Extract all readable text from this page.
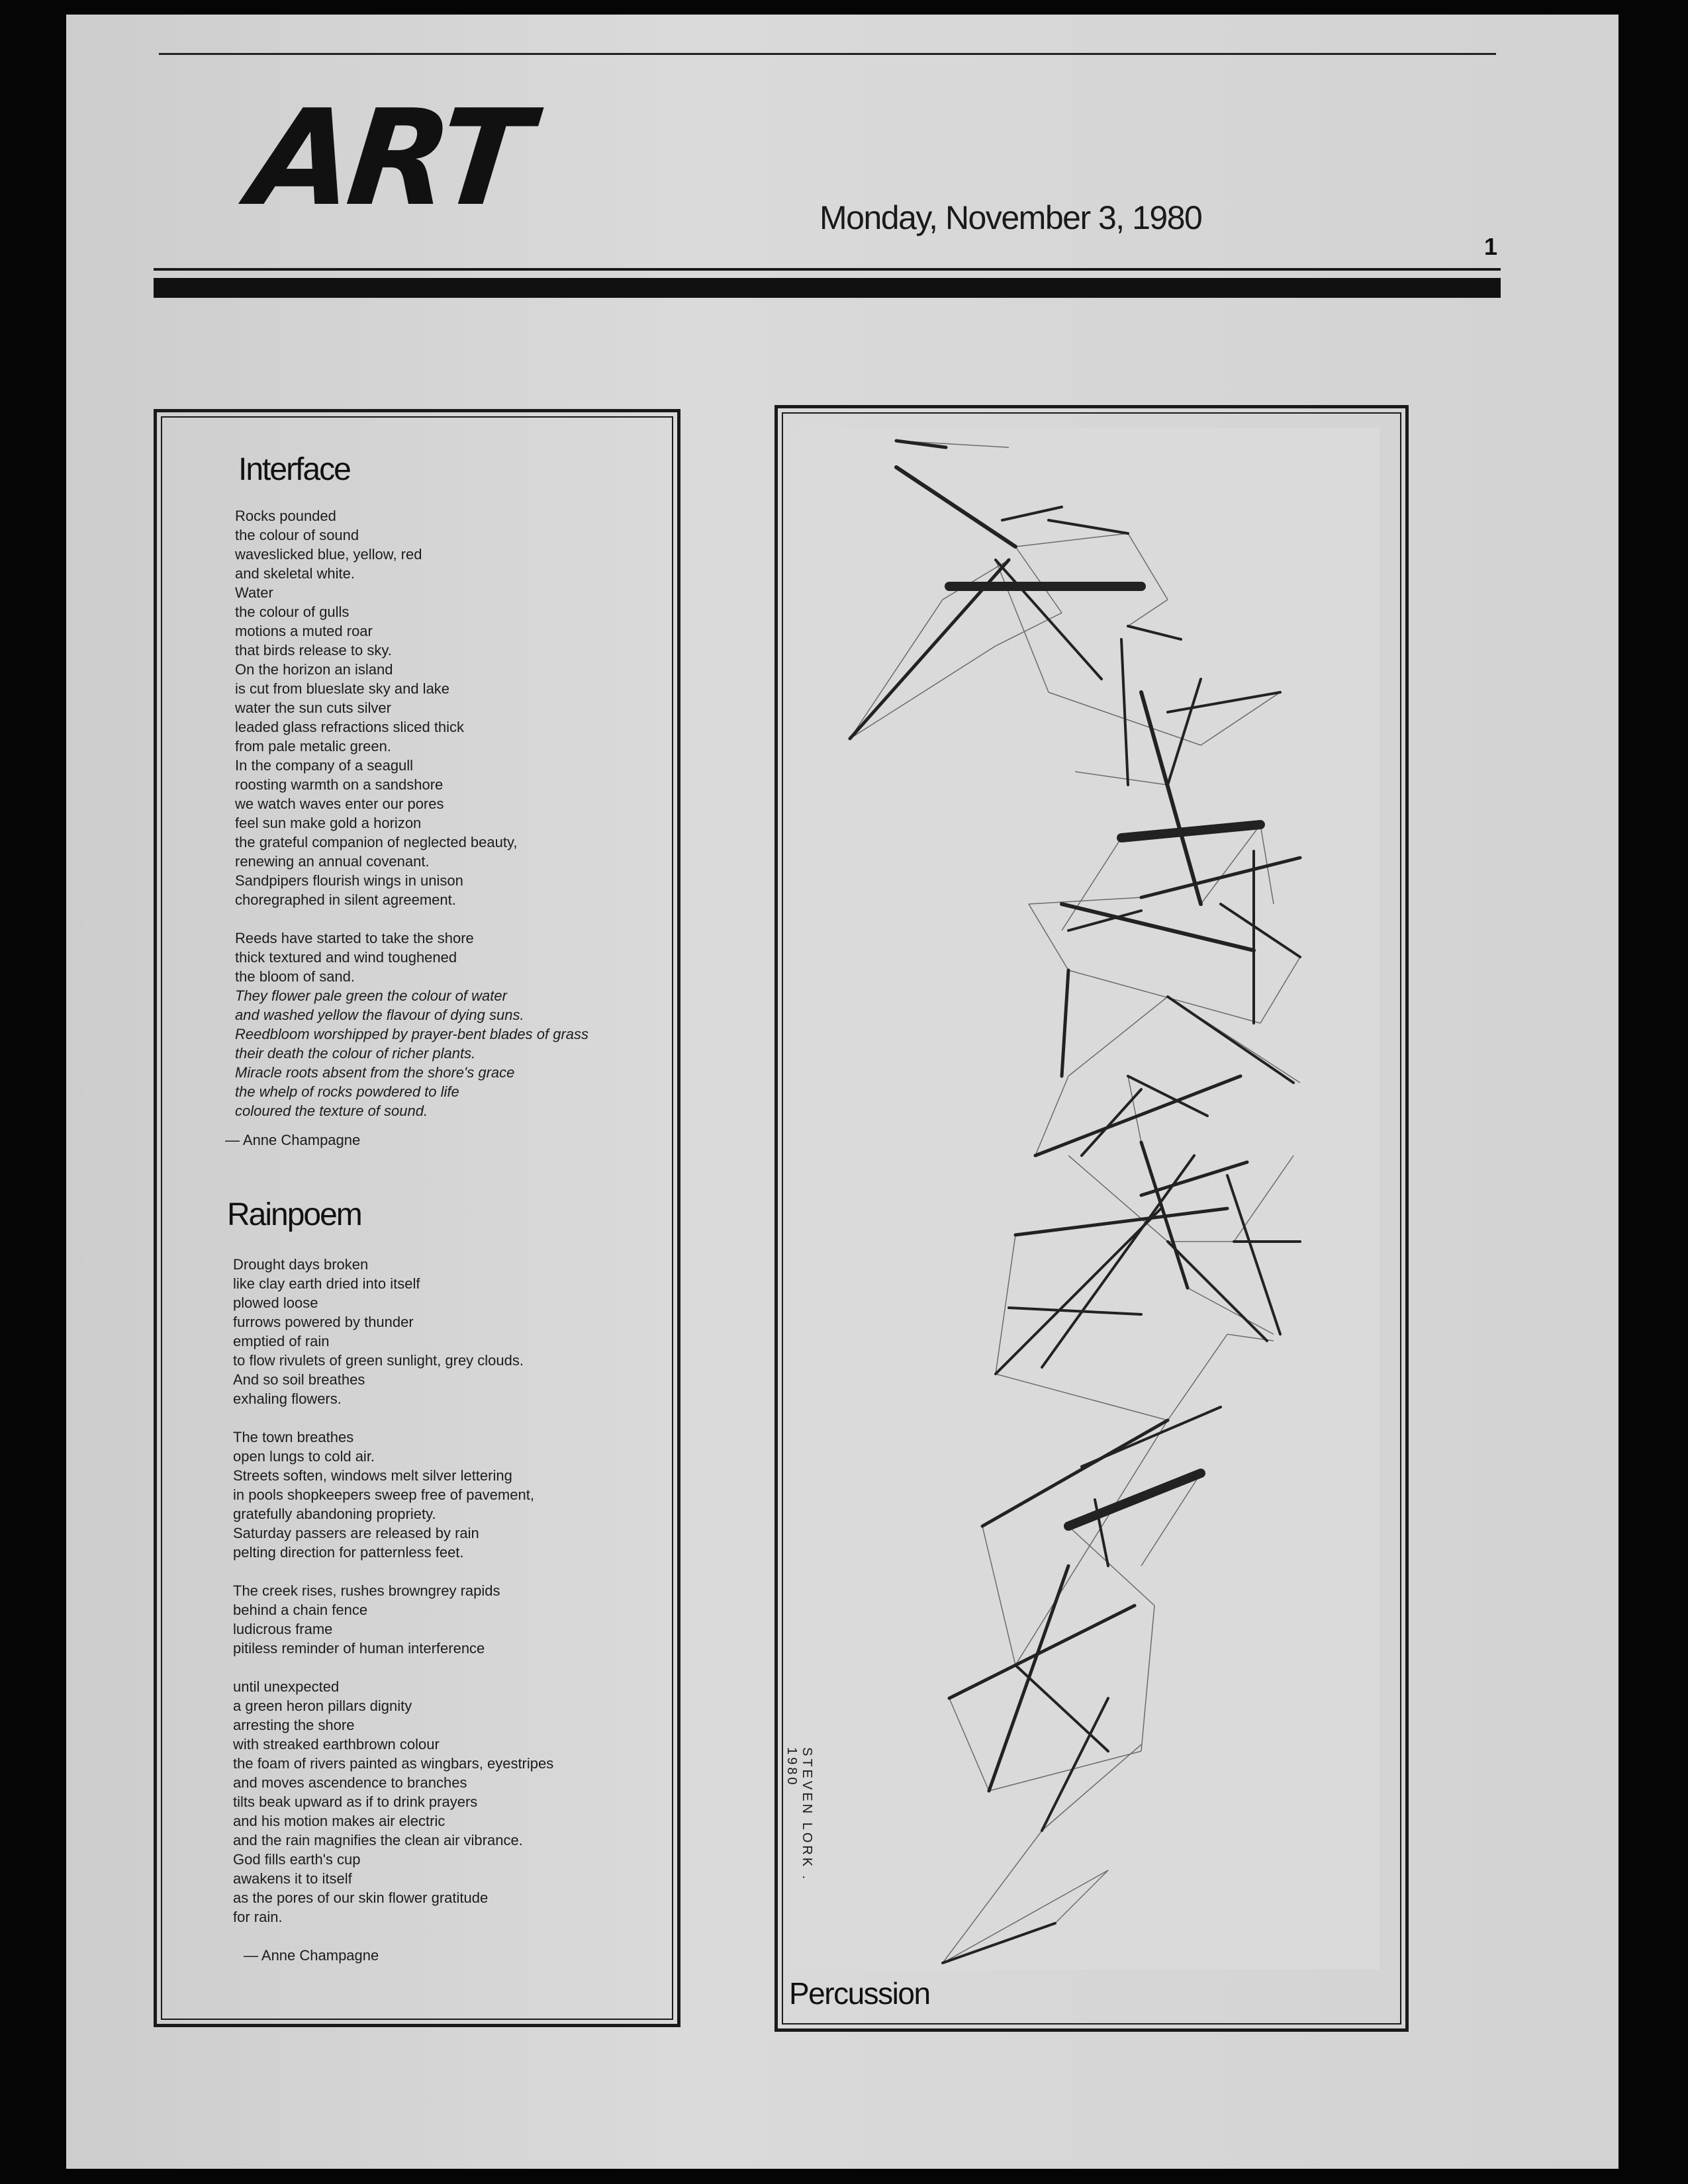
ART	Monday, November 3, 1980
1
Interface
Rocks pounded
the colour of sound
waveslicked blue, yellow, red
and skeletal white.
Water
the colour of gulls
motions a muted roar
that birds release to sky.
On the horizon an island
is cut from blueslate sky and lake
water the sun cuts silver
leaded glass refractions sliced thick
from pale metalic green.
In the company of a seagull
roosting warmth on a sandshore
we watch waves enter our pores
feel sun make gold a horizon
the grateful companion of neglected beauty,
renewing an annual covenant.
Sandpipers flourish wings in unison
choregraphed in silent agreement.
Reeds have started to take the shore
thick textured and wind toughened
the bloom of sand.
They flower pale green the colour of water
and washed yellow the flavour of dying suns.
Reedbloom worshipped by prayer-bent blades of grass
their death the colour of richer plants.
Miracle roots absent from the shore's grace
the whelp of rocks powdered to life
coloured the texture of sound.
— Anne Champagne
Rainpoem
Drought days broken
like clay earth dried into itself
plowed loose
furrows powered by thunder
emptied of rain
to flow rivulets of green sunlight, grey clouds.
And so soil breathes
exhaling flowers.
The town breathes
open lungs to cold air.
Streets soften, windows melt silver lettering
in pools shopkeepers sweep free of pavement,
gratefully abandoning propriety.
Saturday passers are released by rain
pelting direction for patternless feet.
The creek rises, rushes browngrey rapids
behind a chain fence
ludicrous frame
pitiless reminder of human interference
until unexpected
a green heron pillars dignity
arresting the shore
with streaked earthbrown colour
the foam of rivers painted as wingbars, eyestripes
and moves ascendence to branches
tilts beak upward as if to drink prayers
and his motion makes air electric
and the rain magnifies the clean air vibrance.
God fills earth's cup
awakens it to itself
as the pores of our skin flower gratitude
for rain.
— Anne Champagne
STEVEN LORK . 1980
Percussion
